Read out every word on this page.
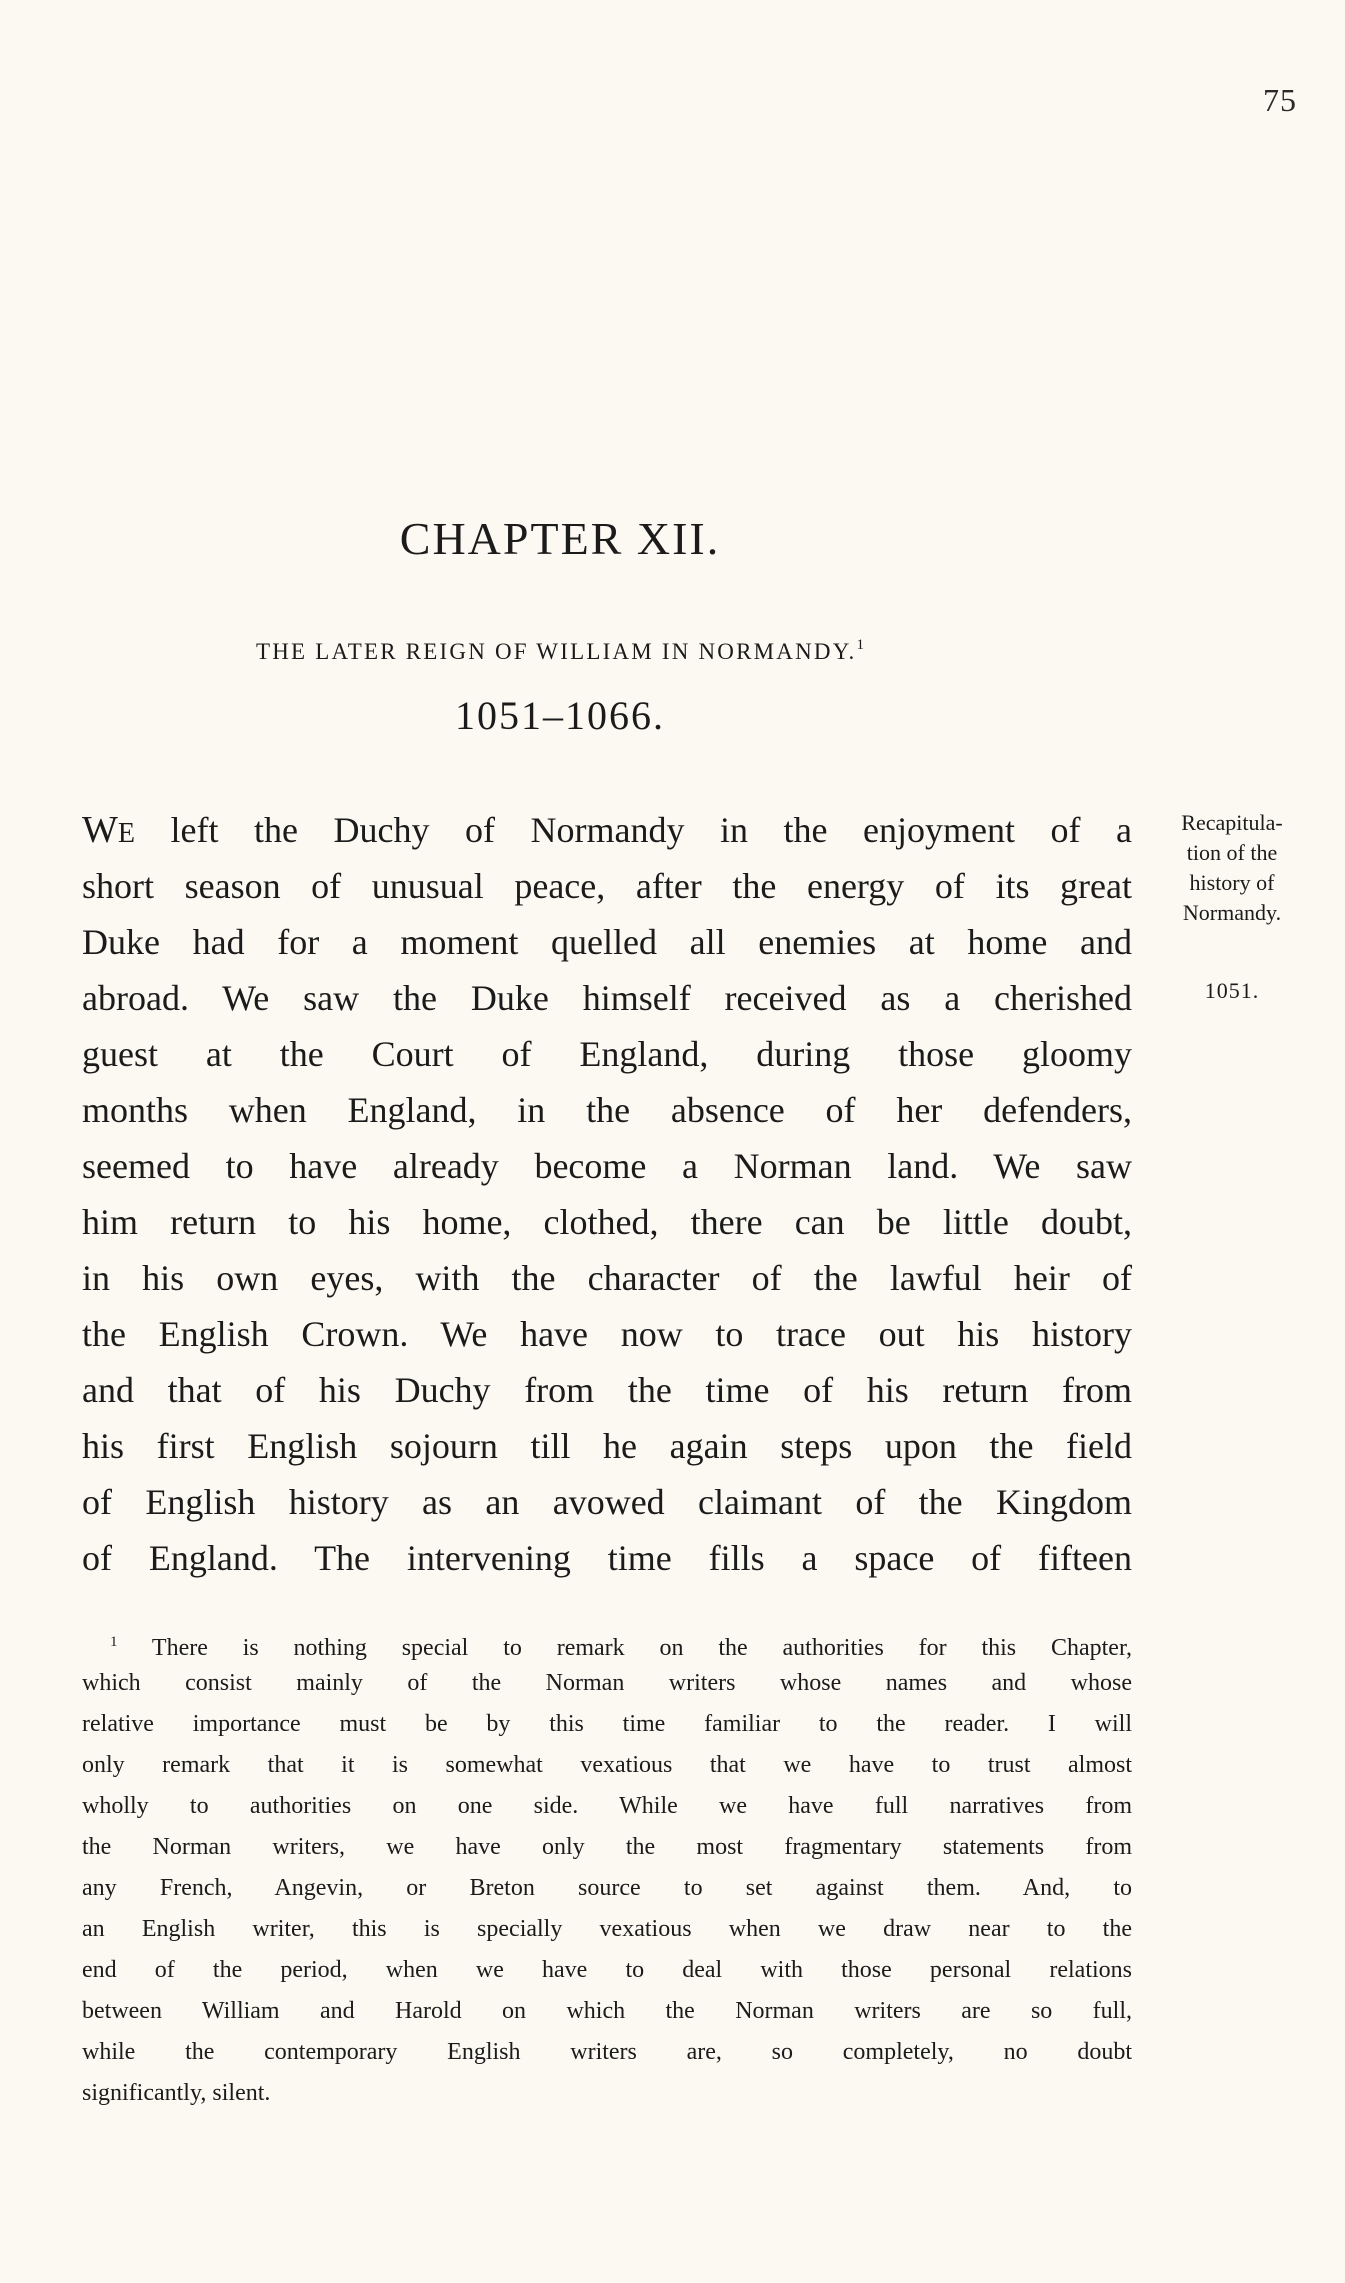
75
CHAPTER XII.
THE LATER REIGN OF WILLIAM IN NORMANDY.$^1$
1051–1066.
Recapitula-
tion of the
history of
Normandy.
1051.
WE left the Duchy of Normandy in the enjoyment of a
short season of unusual peace, after the energy of its great
Duke had for a moment quelled all enemies at home and
abroad. We saw the Duke himself received as a cherished
guest at the Court of England, during those gloomy
months when England, in the absence of her defenders,
seemed to have already become a Norman land. We saw
him return to his home, clothed, there can be little doubt,
in his own eyes, with the character of the lawful heir of
the English Crown. We have now to trace out his history
and that of his Duchy from the time of his return from
his first English sojourn till he again steps upon the field
of English history as an avowed claimant of the Kingdom
of England. The intervening time fills a space of fifteen
$^1$ There is nothing special to remark on the authorities for this Chapter,
which consist mainly of the Norman writers whose names and whose
relative importance must be by this time familiar to the reader. I will
only remark that it is somewhat vexatious that we have to trust almost
wholly to authorities on one side. While we have full narratives from
the Norman writers, we have only the most fragmentary statements from
any French, Angevin, or Breton source to set against them. And, to
an English writer, this is specially vexatious when we draw near to the
end of the period, when we have to deal with those personal relations
between William and Harold on which the Norman writers are so full,
while the contemporary English writers are, so completely, no doubt
significantly, silent.
